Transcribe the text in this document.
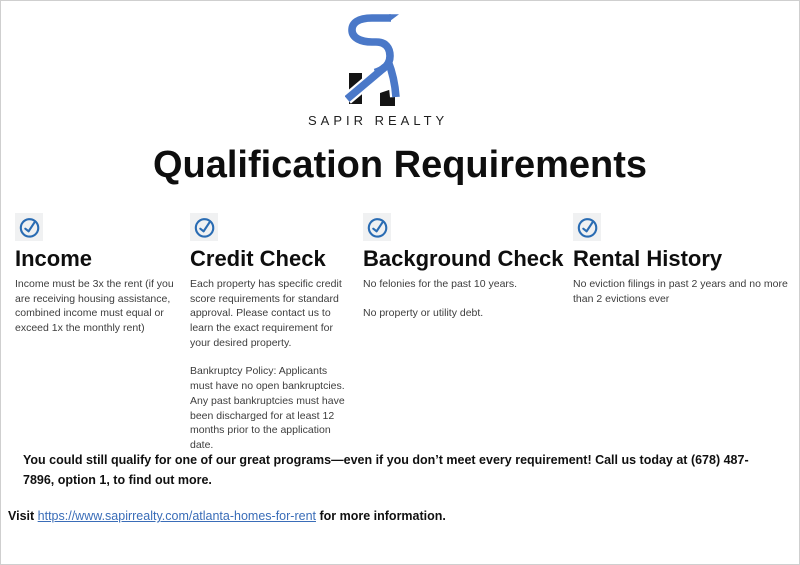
SAPIR REALTY
Qualification Requirements
Income

Income must be 3x the rent (if you are receiving housing assistance, combined income must equal or exceed 1x the monthly rent)

Credit Check

Each property has specific credit score requirements for standard approval. Please contact us to learn the exact requirement for your desired property.

Bankruptcy Policy: Applicants must have no open bankruptcies. Any past bankruptcies must have been discharged for at least 12 months prior to the application date.

Background Check

No felonies for the past 10 years.

No property or utility debt.

Rental History

No eviction filings in past 2 years and no more than 2 evictions ever

You could still qualify for one of our great programs—even if you don’t meet every requirement! Call us today at (678) 487-7896, option 1, to find out more.
Visit https://www.sapirrealty.com/atlanta-homes-for-rent for more information.
